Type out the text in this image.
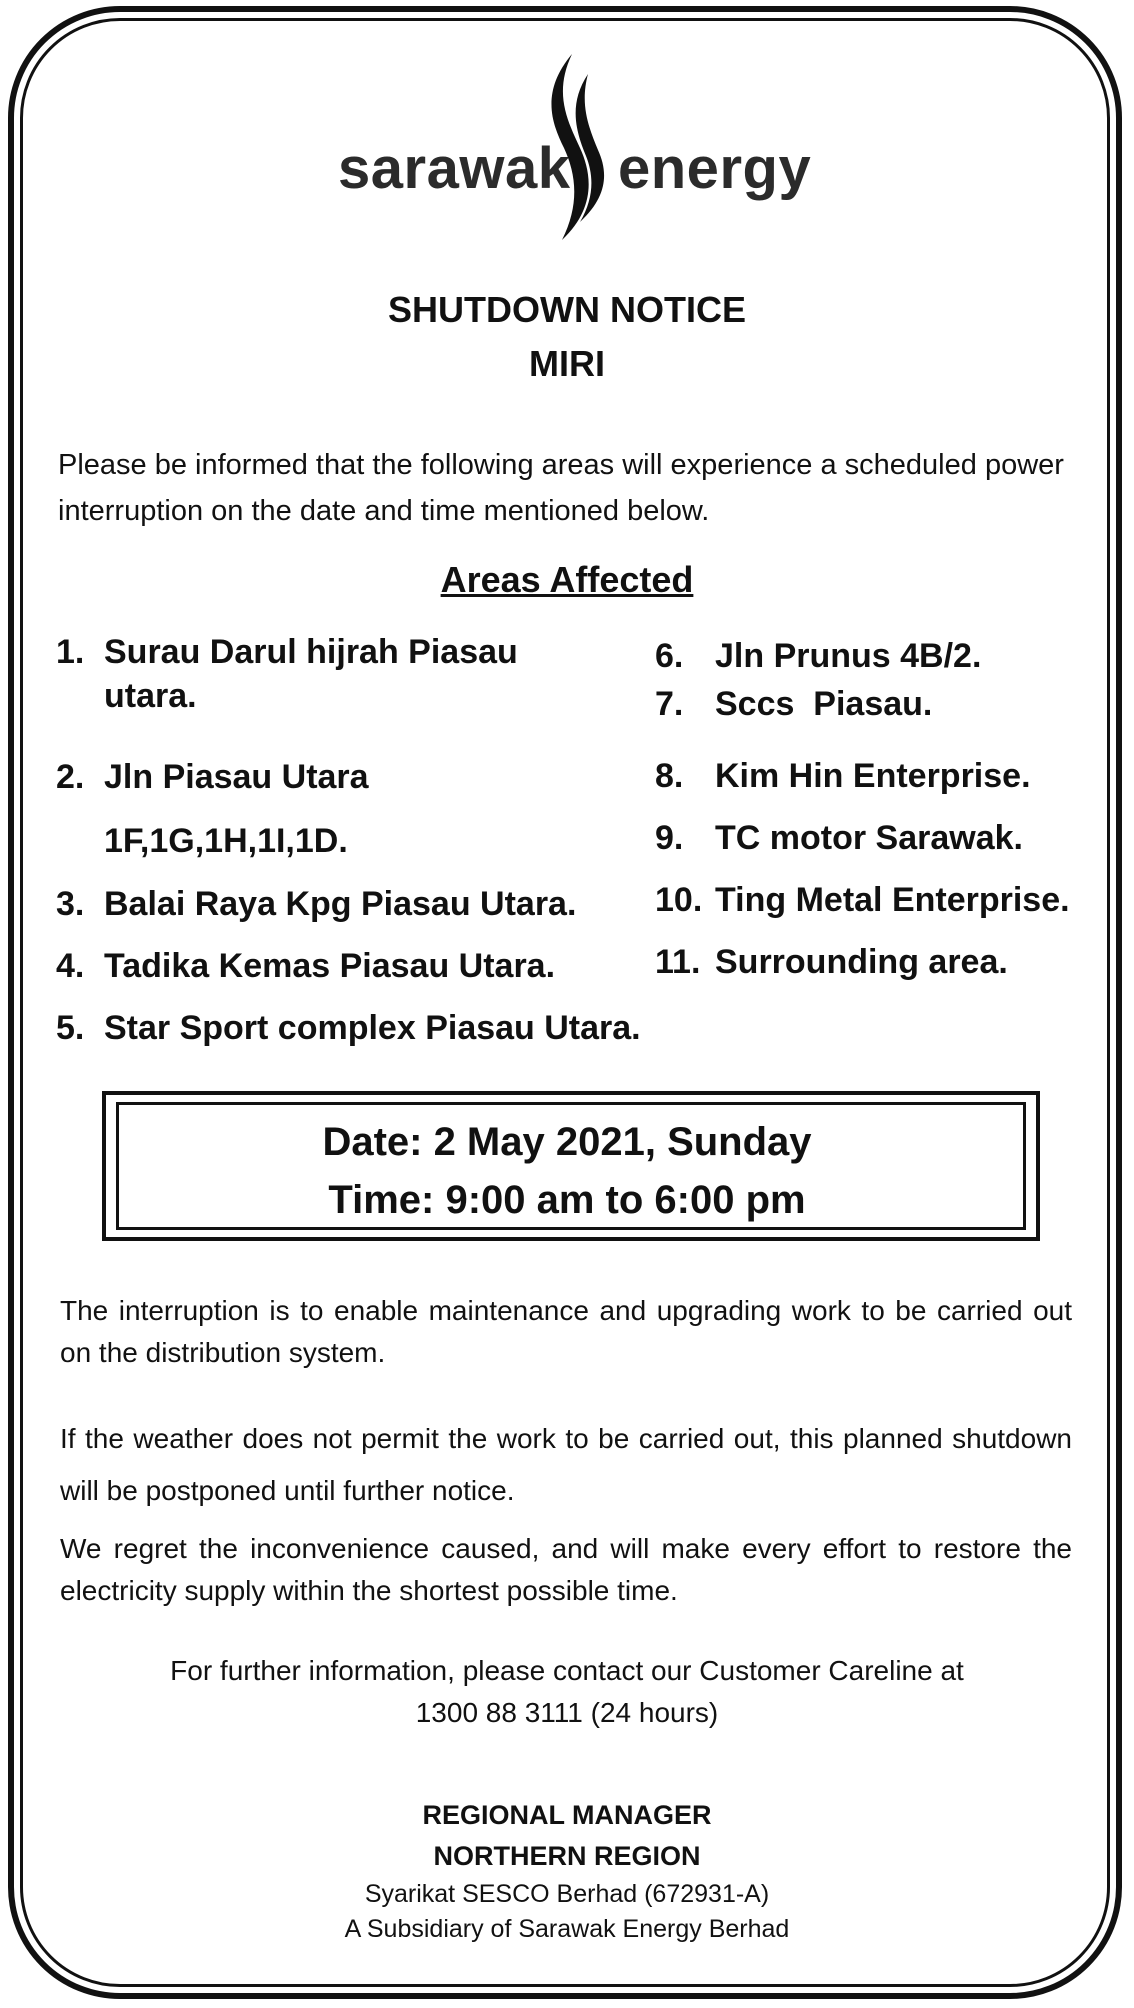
sarawak energy
SHUTDOWN NOTICE
MIRI
Please be informed that the following areas will experience a scheduled power interruption on the date and time mentioned below.
Areas Affected
1. Surau Darul hijrah Piasau utara.
2. Jln Piasau Utara
1F,1G,1H,1I,1D.
3. Balai Raya Kpg Piasau Utara.
4. Tadika Kemas Piasau Utara.
5. Star Sport complex Piasau Utara.
6. Jln Prunus 4B/2.
7. Sccs  Piasau.
8. Kim Hin Enterprise.
9. TC motor Sarawak.
10. Ting Metal Enterprise.
11. Surrounding area.
Date: 2 May 2021, Sunday
Time: 9:00 am to 6:00 pm
The interruption is to enable maintenance and upgrading work to be carried out on the distribution system.
If the weather does not permit the work to be carried out, this planned shutdown will be postponed until further notice.
We regret the inconvenience caused, and will make every effort to restore the electricity supply within the shortest possible time.
For further information, please contact our Customer Careline at
1300 88 3111 (24 hours)
REGIONAL MANAGER
NORTHERN REGION
Syarikat SESCO Berhad (672931-A)
A Subsidiary of Sarawak Energy Berhad
